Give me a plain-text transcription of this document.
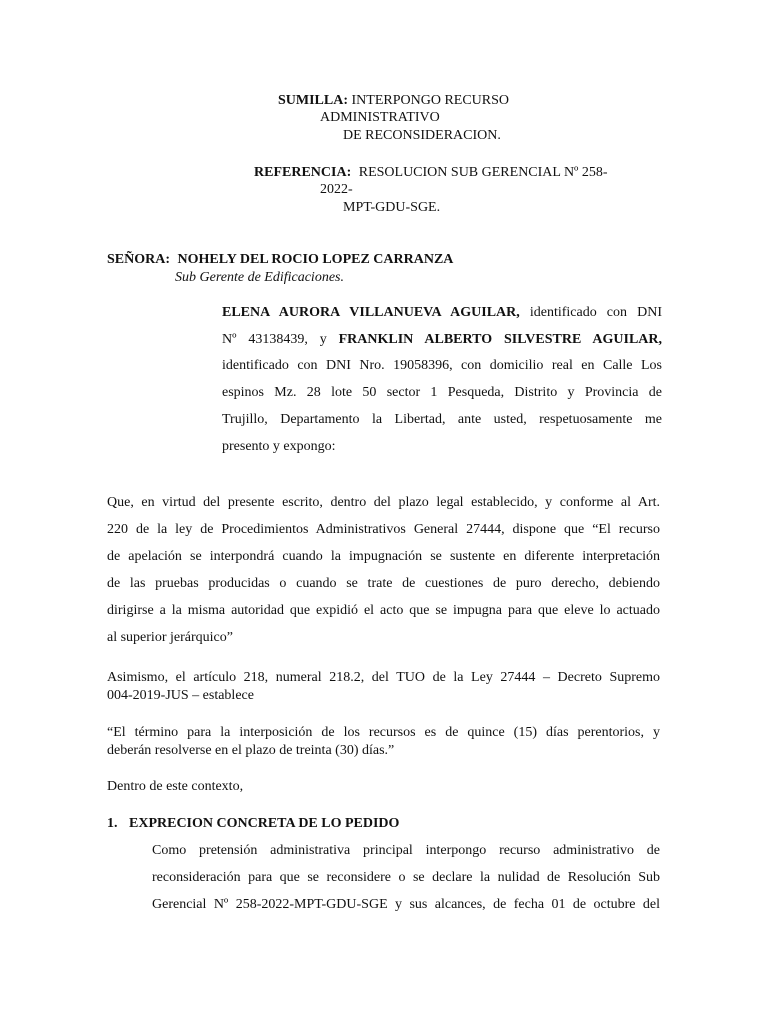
SUMILLA: INTERPONGO RECURSO
ADMINISTRATIVO
DE RECONSIDERACION.
REFERENCIA: RESOLUCION SUB GERENCIAL Nº 258-
2022-
MPT-GDU-SGE.
SEÑORA: NOHELY DEL ROCIO LOPEZ CARRANZA
Sub Gerente de Edificaciones.
ELENA AURORA VILLANUEVA AGUILAR, identificado con DNI
Nº 43138439, y FRANKLIN ALBERTO SILVESTRE AGUILAR,
identificado con DNI Nro. 19058396, con domicilio real en Calle Los
espinos Mz. 28 lote 50 sector 1 Pesqueda, Distrito y Provincia de
Trujillo, Departamento la Libertad, ante usted, respetuosamente me
presento y expongo:
Que, en virtud del presente escrito, dentro del plazo legal establecido, y conforme al Art.
220 de la ley de Procedimientos Administrativos General 27444, dispone que “El recurso
de apelación se interpondrá cuando la impugnación se sustente en diferente interpretación
de las pruebas producidas o cuando se trate de cuestiones de puro derecho, debiendo
dirigirse a la misma autoridad que expidió el acto que se impugna para que eleve lo actuado
al superior jerárquico”
Asimismo, el artículo 218, numeral 218.2, del TUO de la Ley 27444 – Decreto Supremo
004-2019-JUS – establece
“El término para la interposición de los recursos es de quince (15) días perentorios, y
deberán resolverse en el plazo de treinta (30) días.”
Dentro de este contexto,
1. EXPRECION CONCRETA DE LO PEDIDO
Como pretensión administrativa principal interpongo recurso administrativo de
reconsideración para que se reconsidere o se declare la nulidad de Resolución Sub
Gerencial Nº 258-2022-MPT-GDU-SGE y sus alcances, de fecha 01 de octubre del
